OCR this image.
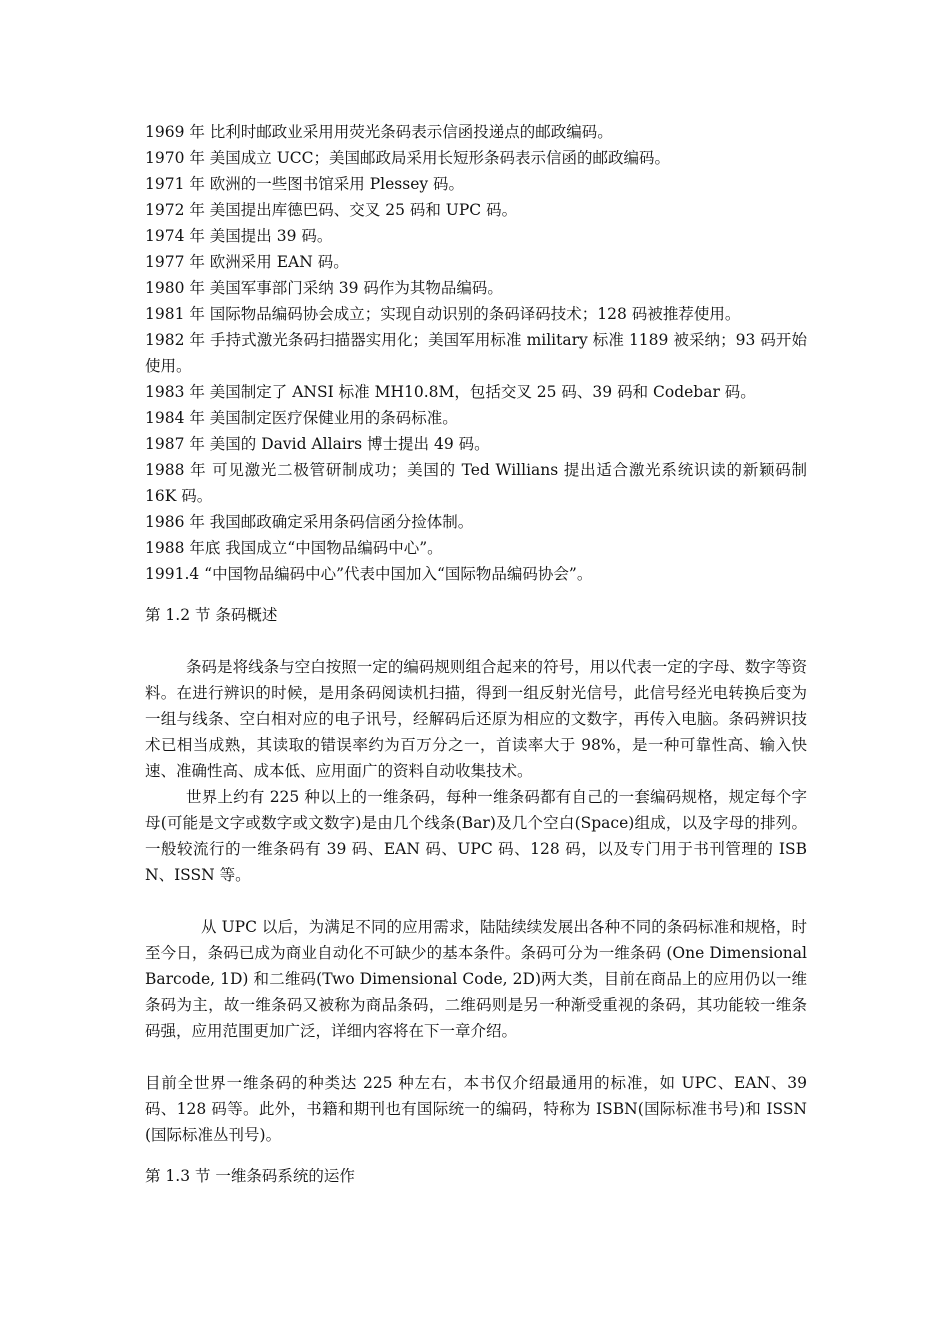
1969 年 比利时邮政业采用用荧光条码表示信函投递点的邮政编码。
1970 年 美国成立 UCC；美国邮政局采用长短形条码表示信函的邮政编码。
1971 年 欧洲的一些图书馆采用 Plessey 码。
1972 年 美国提出库德巴码、交叉 25 码和 UPC 码。
1974 年 美国提出 39 码。
1977 年 欧洲采用 EAN 码。
1980 年 美国军事部门采纳 39 码作为其物品编码。
1981 年 国际物品编码协会成立；实现自动识别的条码译码技术；128 码被推荐使用。
1982 年 手持式激光条码扫描器实用化；美国军用标准 military 标准 1189 被采纳；93 码开始使用。
1983 年 美国制定了 ANSI 标准 MH10.8M，包括交叉 25 码、39 码和 Codebar 码。
1984 年 美国制定医疗保健业用的条码标准。
1987 年 美国的 David Allairs 博士提出 49 码。
1988 年 可见激光二极管研制成功；美国的 Ted Willians 提出适合激光系统识读的新颖码制 16K 码。
1986 年 我国邮政确定采用条码信函分捡体制。
1988 年底 我国成立“中国物品编码中心”。
1991.4 “中国物品编码中心”代表中国加入“国际物品编码协会”。
第 1.2 节 条码概述

条码是将线条与空白按照一定的编码规则组合起来的符号，用以代表一定的字母、数字等资料。在进行辨识的时候，是用条码阅读机扫描，得到一组反射光信号，此信号经光电转换后变为一组与线条、空白相对应的电子讯号，经解码后还原为相应的文数字，再传入电脑。条码辨识技术已相当成熟，其读取的错误率约为百万分之一，首读率大于 98%，是一种可靠性高、输入快速、准确性高、成本低、应用面广的资料自动收集技术。

世界上约有 225 种以上的一维条码，每种一维条码都有自己的一套编码规格，规定每个字母(可能是文字或数字或文数字)是由几个线条(Bar)及几个空白(Space)组成，以及字母的排列。一般较流行的一维条码有 39 码、EAN 码、UPC 码、128 码，以及专门用于书刊管理的 ISBN、ISSN 等。

从 UPC 以后，为满足不同的应用需求，陆陆续续发展出各种不同的条码标准和规格，时至今日，条码已成为商业自动化不可缺少的基本条件。条码可分为一维条码 (One Dimensional Barcode, 1D) 和二维码(Two Dimensional Code, 2D)两大类，目前在商品上的应用仍以一维条码为主，故一维条码又被称为商品条码，二维码则是另一种渐受重视的条码，其功能较一维条码强，应用范围更加广泛，详细内容将在下一章介绍。

目前全世界一维条码的种类达 225 种左右，本书仅介绍最通用的标准，如 UPC、EAN、39 码、128 码等。此外，书籍和期刊也有国际统一的编码，特称为 ISBN(国际标准书号)和 ISSN(国际标准丛刊号)。

第 1.3 节 一维条码系统的运作
